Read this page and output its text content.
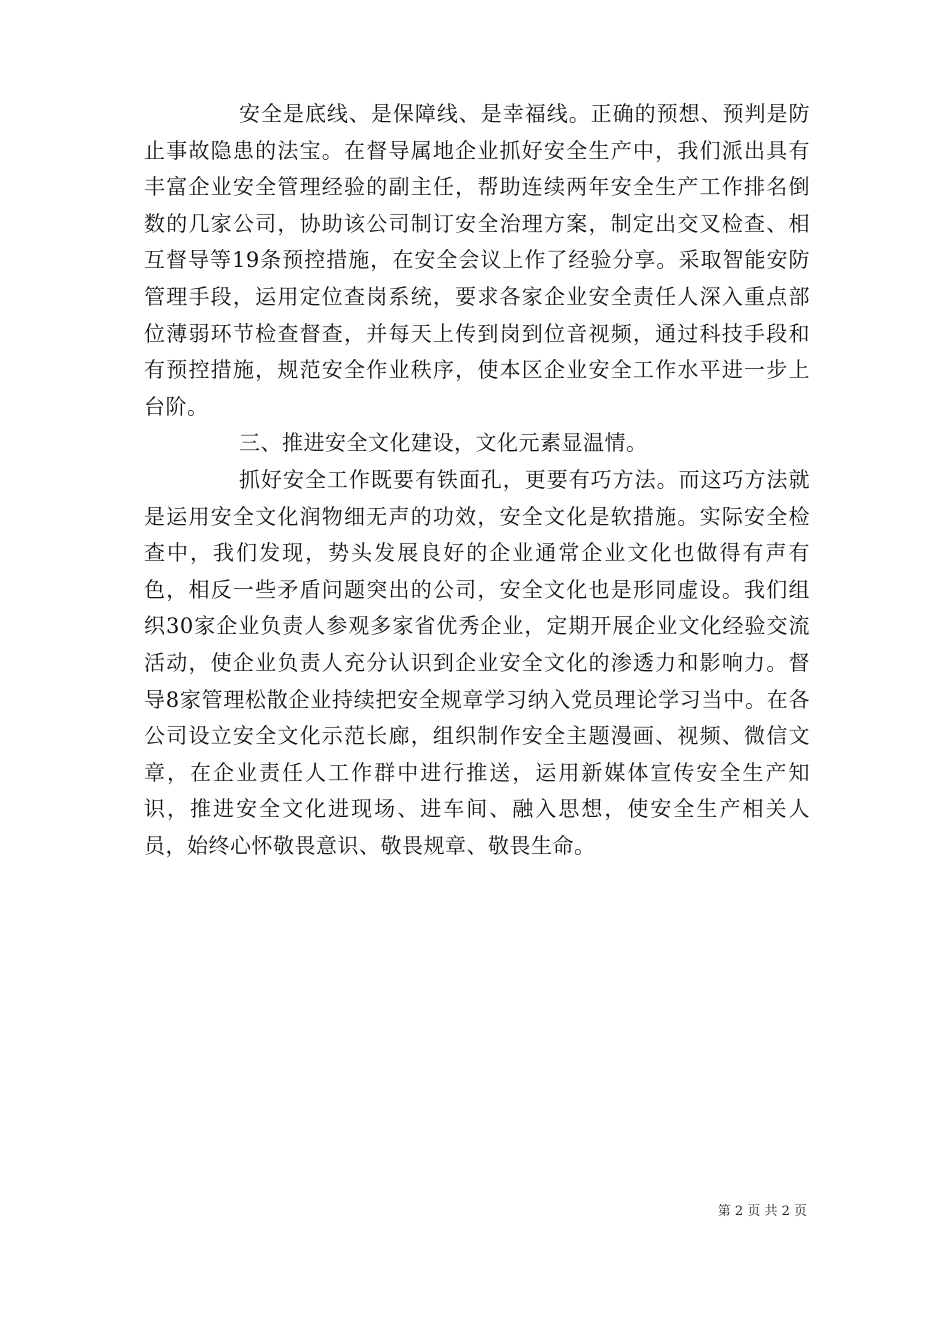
安全是底线、是保障线、是幸福线。正确的预想、预判是防止事故隐患的法宝。在督导属地企业抓好安全生产中，我们派出具有丰富企业安全管理经验的副主任，帮助连续两年安全生产工作排名倒数的几家公司，协助该公司制订安全治理方案，制定出交叉检查、相互督导等19条预控措施，在安全会议上作了经验分享。采取智能安防管理手段，运用定位查岗系统，要求各家企业安全责任人深入重点部位薄弱环节检查督查，并每天上传到岗到位音视频，通过科技手段和有预控措施，规范安全作业秩序，使本区企业安全工作水平进一步上台阶。

三、推进安全文化建设，文化元素显温情。

抓好安全工作既要有铁面孔，更要有巧方法。而这巧方法就是运用安全文化润物细无声的功效，安全文化是软措施。实际安全检查中，我们发现，势头发展良好的企业通常企业文化也做得有声有色，相反一些矛盾问题突出的公司，安全文化也是形同虚设。我们组织30家企业负责人参观多家省优秀企业，定期开展企业文化经验交流活动，使企业负责人充分认识到企业安全文化的渗透力和影响力。督导8家管理松散企业持续把安全规章学习纳入党员理论学习当中。在各公司设立安全文化示范长廊，组织制作安全主题漫画、视频、微信文章，在企业责任人工作群中进行推送，运用新媒体宣传安全生产知识，推进安全文化进现场、进车间、融入思想，使安全生产相关人员，始终心怀敬畏意识、敬畏规章、敬畏生命。

第 2 页 共 2 页
